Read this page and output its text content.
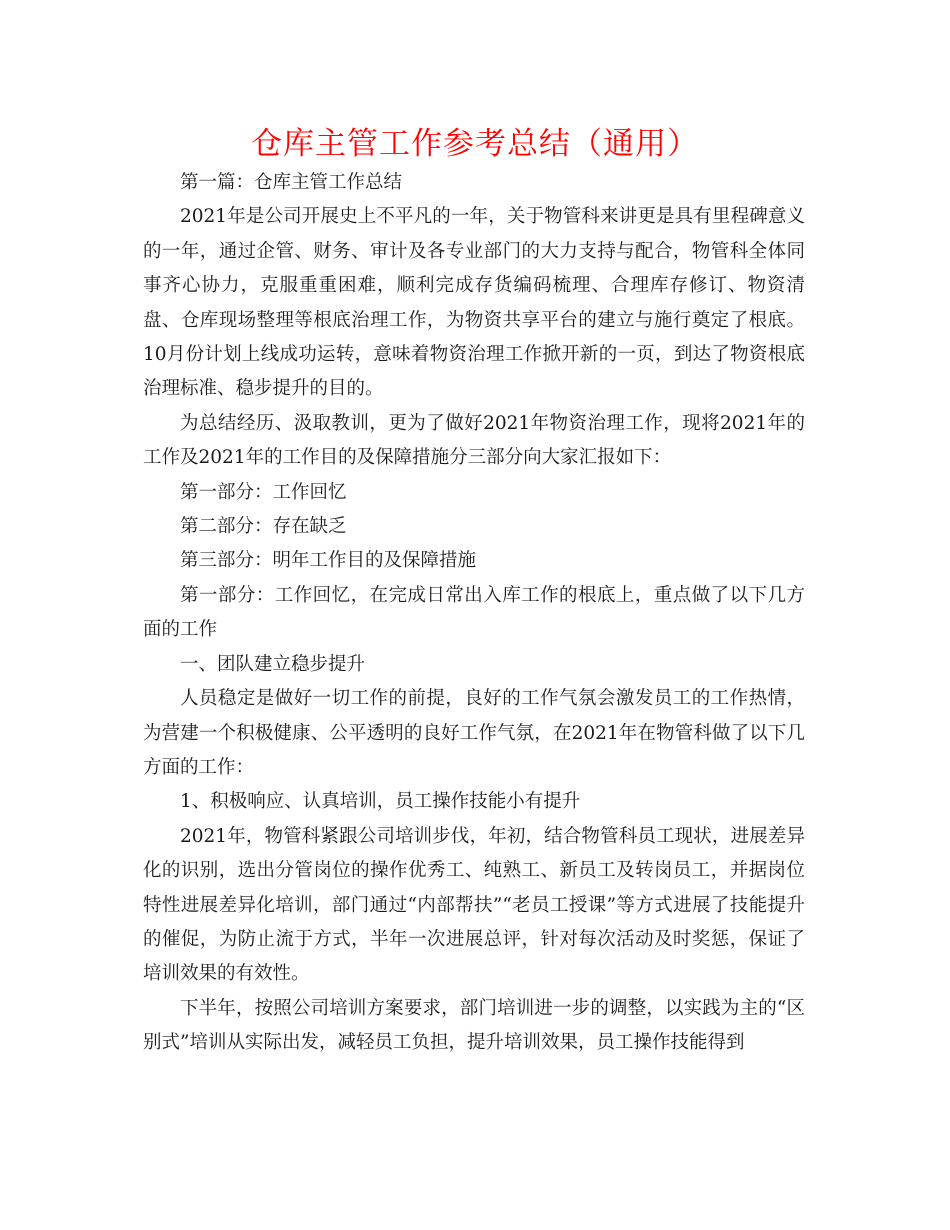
仓库主管工作参考总结（通用）

第一篇：仓库主管工作总结

2021年是公司开展史上不平凡的一年，关于物管科来讲更是具有里程碑意义的一年，通过企管、财务、审计及各专业部门的大力支持与配合，物管科全体同事齐心协力，克服重重困难，顺利完成存货编码梳理、合理库存修订、物资清盘、仓库现场整理等根底治理工作，为物资共享平台的建立与施行奠定了根底。10月份计划上线成功运转，意味着物资治理工作掀开新的一页，到达了物资根底治理标准、稳步提升的目的。

为总结经历、汲取教训，更为了做好2021年物资治理工作，现将2021年的工作及2021年的工作目的及保障措施分三部分向大家汇报如下：

第一部分：工作回忆

第二部分：存在缺乏

第三部分：明年工作目的及保障措施

第一部分：工作回忆，在完成日常出入库工作的根底上，重点做了以下几方面的工作

一、团队建立稳步提升

人员稳定是做好一切工作的前提，良好的工作气氛会激发员工的工作热情，为营建一个积极健康、公平透明的良好工作气氛，在2021年在物管科做了以下几方面的工作：

1、积极响应、认真培训，员工操作技能小有提升

2021年，物管科紧跟公司培训步伐，年初，结合物管科员工现状，进展差异化的识别，选出分管岗位的操作优秀工、纯熟工、新员工及转岗员工，并据岗位特性进展差异化培训，部门通过“内部帮扶”“老员工授课”等方式进展了技能提升的催促，为防止流于方式，半年一次进展总评，针对每次活动及时奖惩，保证了培训效果的有效性。

下半年，按照公司培训方案要求，部门培训进一步的调整，以实践为主的“区别式”培训从实际出发，减轻员工负担，提升培训效果，员工操作技能得到
